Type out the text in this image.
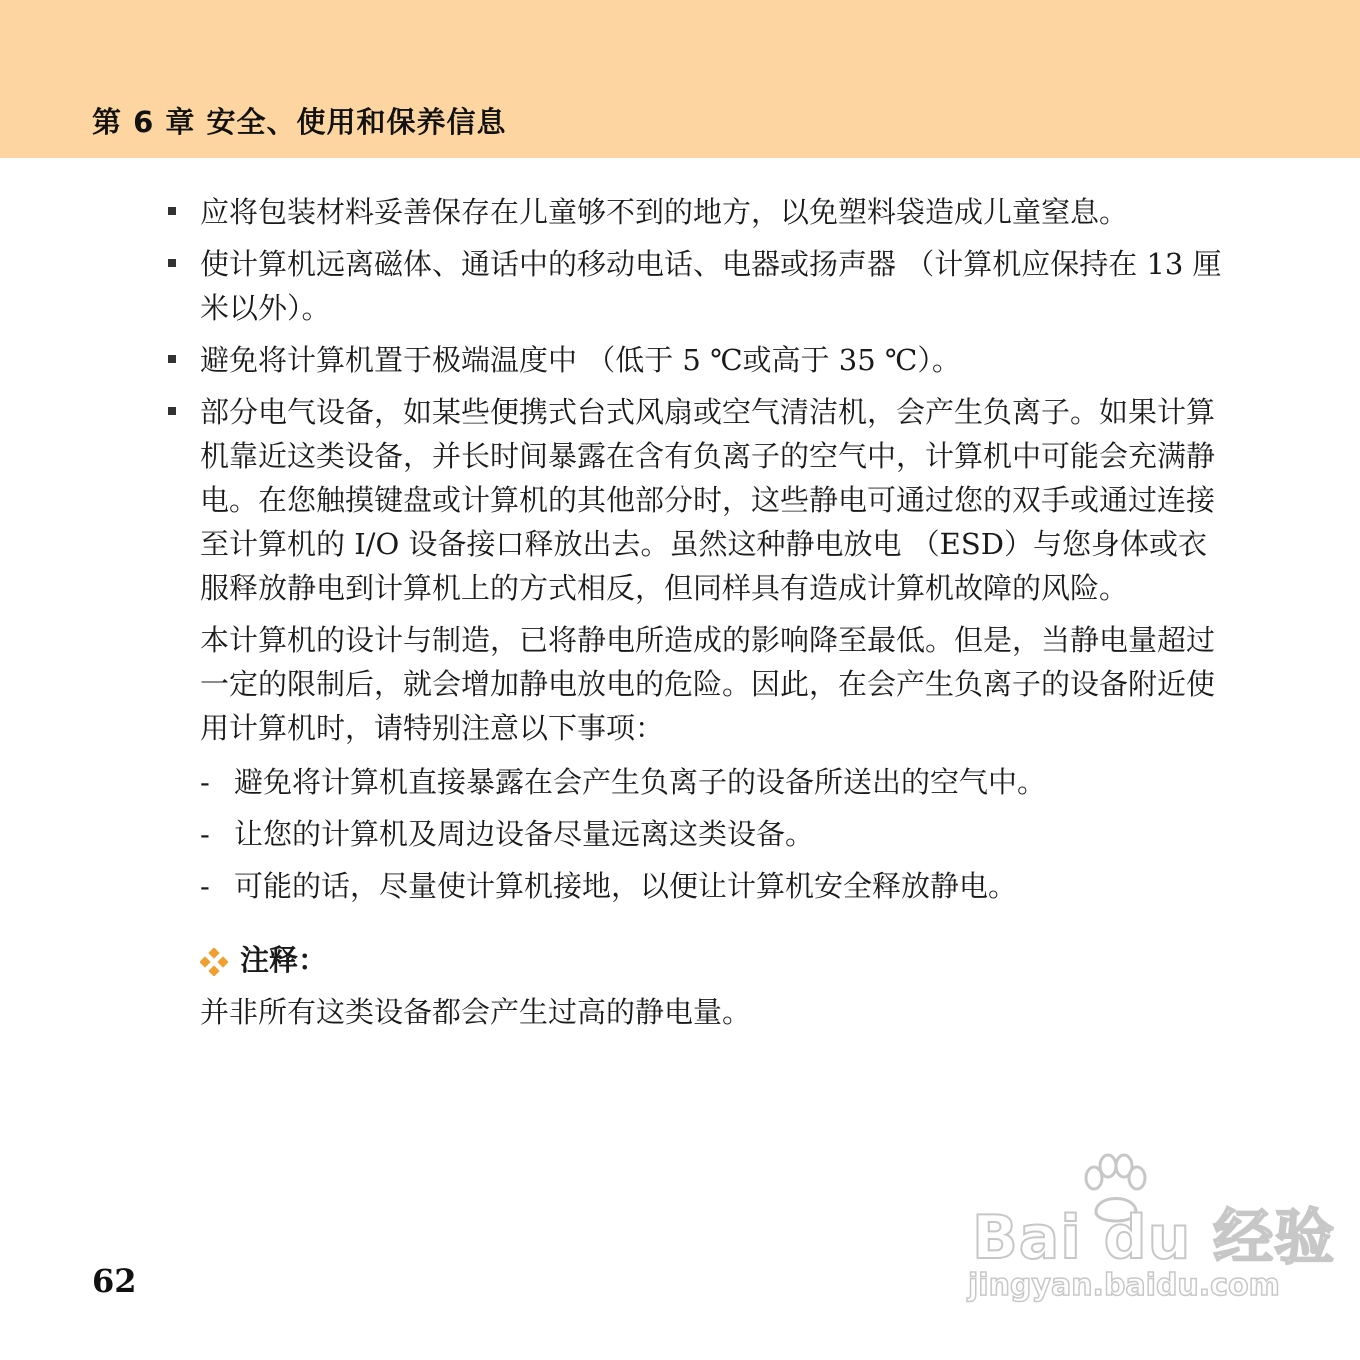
第 6 章 安全、使用和保养信息
应将包装材料妥善保存在儿童够不到的地方，以免塑料袋造成儿童窒息。
使计算机远离磁体、通话中的移动电话、电器或扬声器 （计算机应保持在 13 厘米以外）。
避免将计算机置于极端温度中 （低于 5 ℃或高于 35 ℃）。
部分电气设备，如某些便携式台式风扇或空气清洁机，会产生负离子。如果计算机靠近这类设备，并长时间暴露在含有负离子的空气中，计算机中可能会充满静电。在您触摸键盘或计算机的其他部分时，这些静电可通过您的双手或通过连接至计算机的 I/O 设备接口释放出去。虽然这种静电放电 （ESD）与您身体或衣服释放静电到计算机上的方式相反，但同样具有造成计算机故障的风险。
本计算机的设计与制造，已将静电所造成的影响降至最低。但是，当静电量超过一定的限制后，就会增加静电放电的危险。因此，在会产生负离子的设备附近使用计算机时，请特别注意以下事项：
- 避免将计算机直接暴露在会产生负离子的设备所送出的空气中。
- 让您的计算机及周边设备尽量远离这类设备。
- 可能的话，尽量使计算机接地，以便让计算机安全释放静电。
注释：
并非所有这类设备都会产生过高的静电量。
62
Bai du 经验
jingyan.baidu.com
